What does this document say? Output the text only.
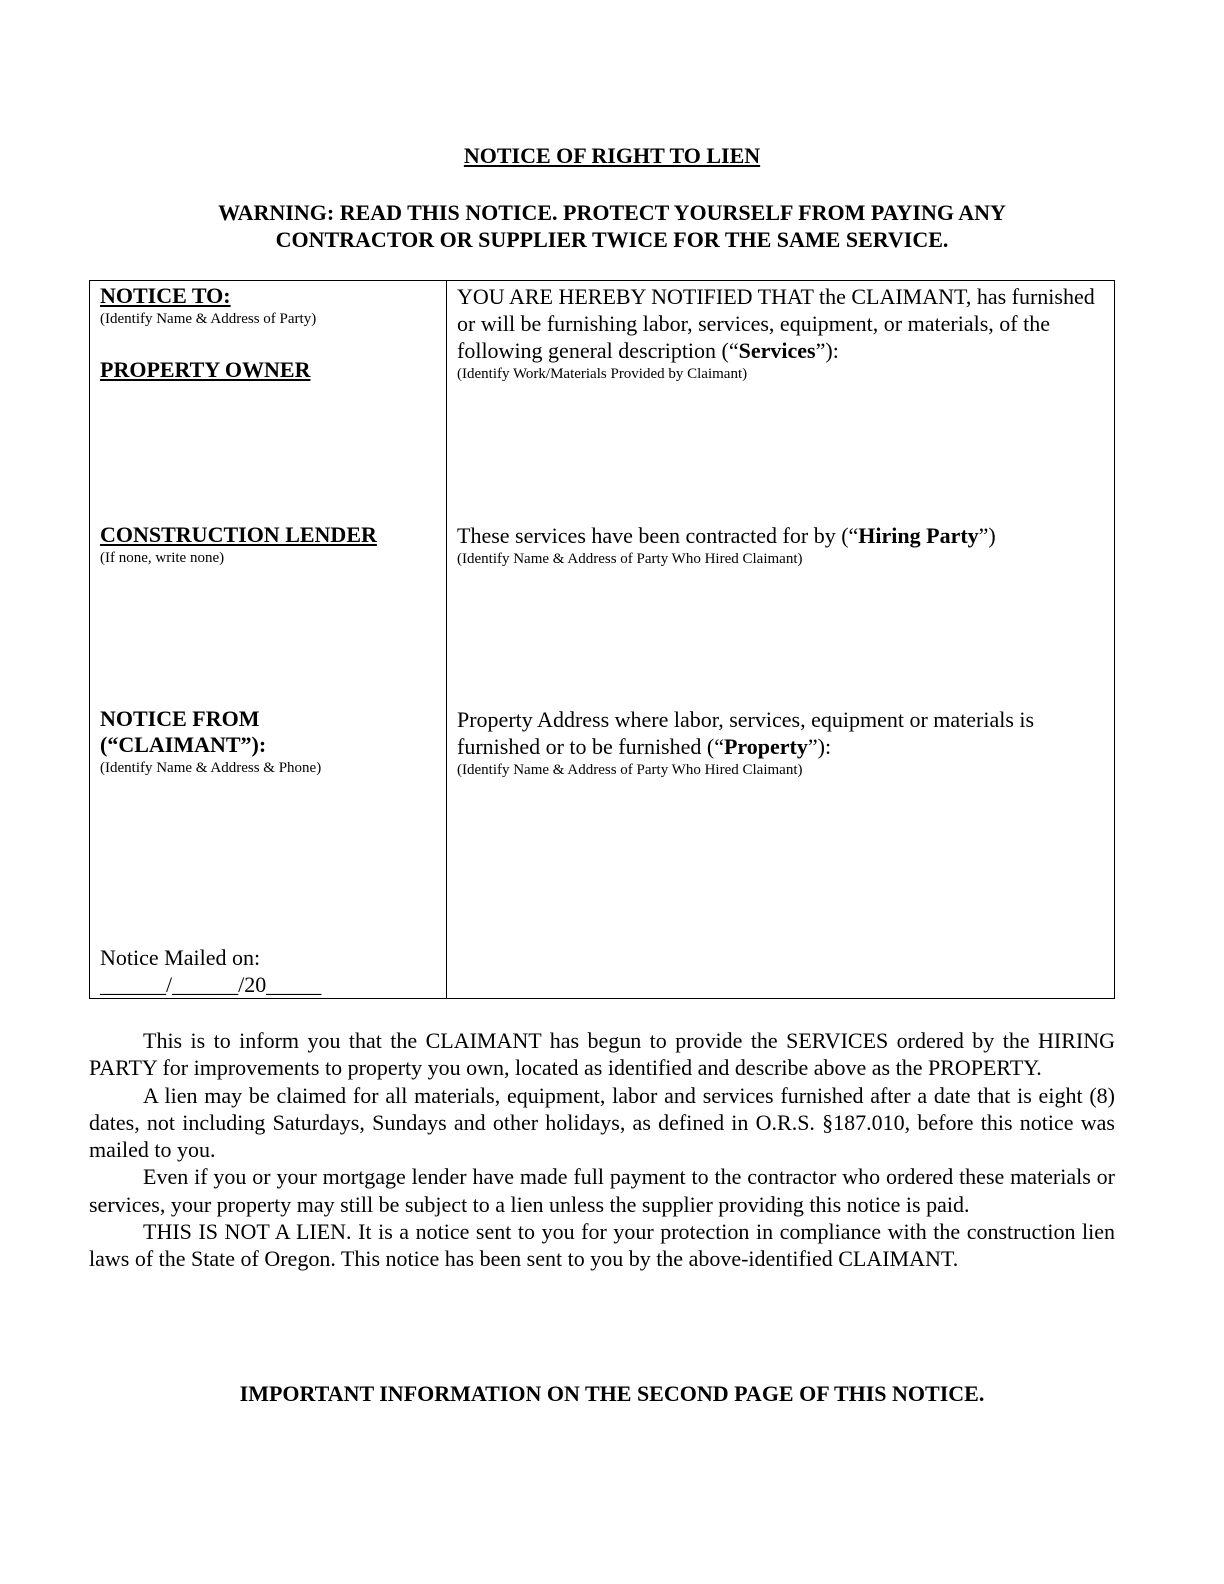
NOTICE OF RIGHT TO LIEN
WARNING: READ THIS NOTICE. PROTECT YOURSELF FROM PAYING ANY
CONTRACTOR OR SUPPLIER TWICE FOR THE SAME SERVICE.
NOTICE TO:
(Identify Name & Address of Party)
PROPERTY OWNER
CONSTRUCTION LENDER
(If none, write none)
NOTICE FROM
(“CLAIMANT”):
(Identify Name & Address & Phone)
Notice Mailed on:
______/______/20_____
YOU ARE HEREBY NOTIFIED THAT the CLAIMANT, has furnished or will be furnishing labor, services, equipment, or materials, of the following general description (“Services”):
(Identify Work/Materials Provided by Claimant)
These services have been contracted for by (“Hiring Party”)
(Identify Name & Address of Party Who Hired Claimant)
Property Address where labor, services, equipment or materials is furnished or to be furnished (“Property”):
(Identify Name & Address of Party Who Hired Claimant)

This is to inform you that the CLAIMANT has begun to provide the SERVICES ordered by the HIRING PARTY for improvements to property you own, located as identified and describe above as the PROPERTY.

A lien may be claimed for all materials, equipment, labor and services furnished after a date that is eight (8) dates, not including Saturdays, Sundays and other holidays, as defined in O.R.S. §187.010, before this notice was mailed to you.

Even if you or your mortgage lender have made full payment to the contractor who ordered these materials or services, your property may still be subject to a lien unless the supplier providing this notice is paid.

THIS IS NOT A LIEN. It is a notice sent to you for your protection in compliance with the construction lien laws of the State of Oregon. This notice has been sent to you by the above-identified CLAIMANT.

IMPORTANT INFORMATION ON THE SECOND PAGE OF THIS NOTICE.
